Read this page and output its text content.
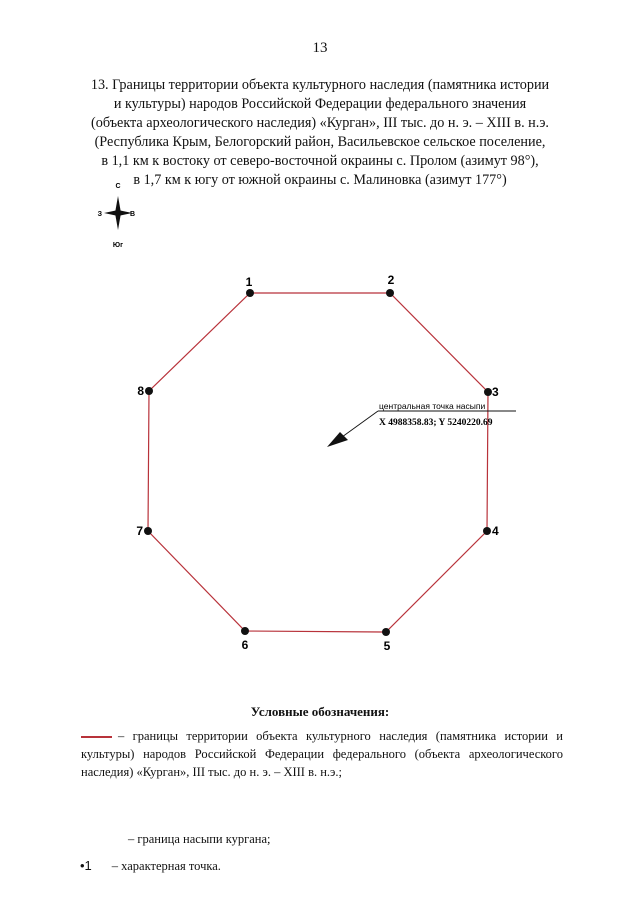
13
13. Границы территории объекта культурного наследия (памятника истории
и культуры) народов Российской Федерации федерального значения
(объекта археологического наследия) «Курган», III тыс. до н. э. – XIII в. н.э.
(Республика Крым, Белогорский район, Васильевское сельское поселение,
в 1,1 км к востоку от северо-восточной окраины с. Пролом (азимут 98°),
в 1,7 км к югу от южной окраины с. Малиновка (азимут 177°)
С
З	В
Юг
1	2
3
4
5
6
7
8
центральная точка насыпи
X 4988358.83; Y 5240220.69
Условные обозначения:
– границы территории объекта культурного наследия (памятника истории и культуры) народов Российской Федерации федерального (объекта археологического наследия) «Курган», III тыс. до н. э. – XIII в. н.э.;
– граница насыпи кургана;
•1 – характерная точка.
